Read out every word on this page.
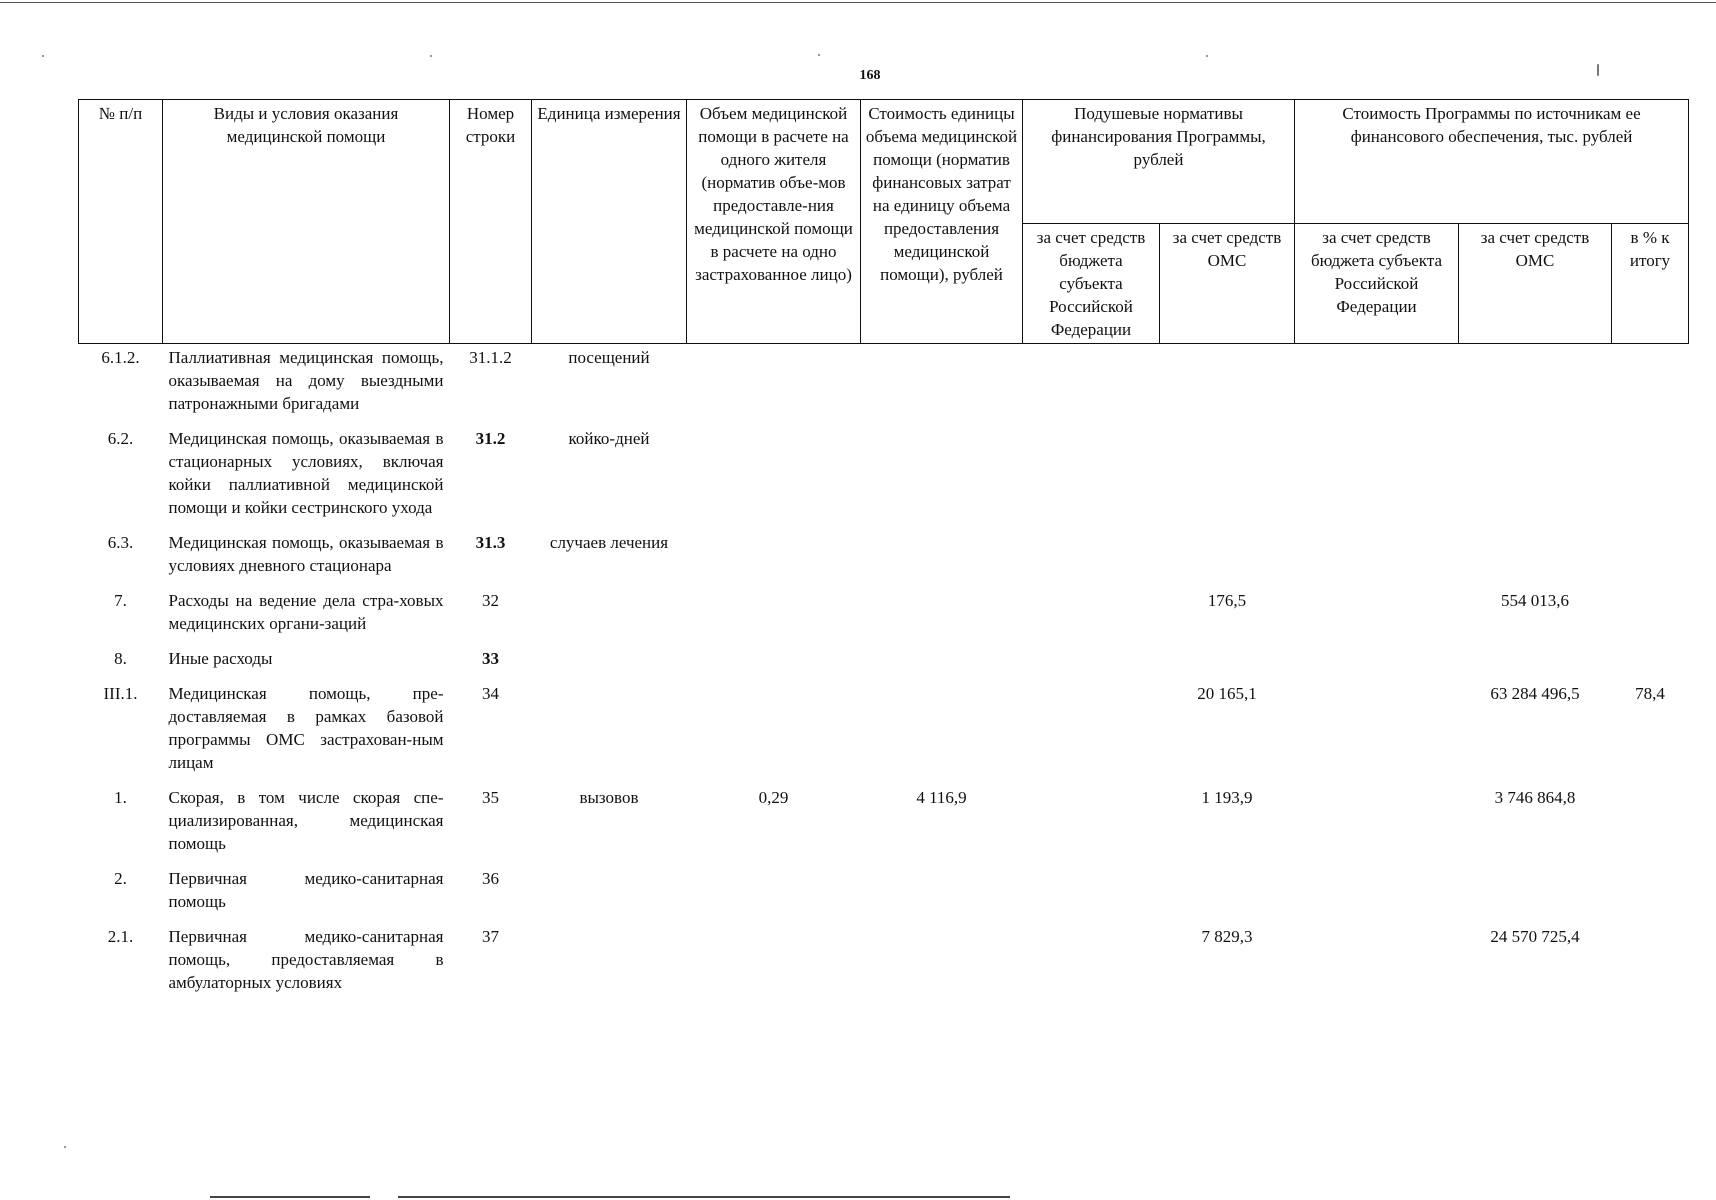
168
№ п/п	Виды и условия оказания медицинской помощи	Номер строки	Единица измерения	Объем медицинской помощи в расчете на одного жителя (норматив объе-мов предоставле-ния медицинской помощи в расчете на одно застрахованное лицо)	Стоимость единицы объема медицинской помощи (норматив финансовых затрат на единицу объема предоставления медицинской помощи), рублей	Подушевые нормативы финансирования Программы, рублей		Стоимость Программы по источникам ее финансового обеспечения, тыс. рублей		
						за счет средств бюджета субъекта Российской Федерации	за счет средств ОМС	за счет средств бюджета субъекта Российской Федерации	за счет средств ОМС	в % к итогу
6.1.2.	Паллиативная медицинская помощь, оказываемая на дому выездными патронажными бригадами	31.1.2	посещений							
6.2.	Медицинская помощь, оказываемая в стационарных условиях, включая койки паллиативной медицинской помощи и койки сестринского ухода	31.2	койко-дней							
6.3.	Медицинская помощь, оказываемая в условиях дневного стационара	31.3	случаев лечения							
7.	Расходы на ведение дела стра-ховых медицинских органи-заций	32					176,5		554 013,6	
8.	Иные расходы	33								
III.1.	Медицинская помощь, пре-доставляемая в рамках базовой программы ОМС застрахован-ным лицам	34					20 165,1		63 284 496,5	78,4
1.	Скорая, в том числе скорая спе-циализированная, медицинская помощь	35	вызовов	0,29	4 116,9		1 193,9		3 746 864,8	
2.	Первичная медико-санитарная помощь	36								
2.1.	Первичная медико-санитарная помощь, предоставляемая в амбулаторных условиях	37					7 829,3		24 570 725,4	
